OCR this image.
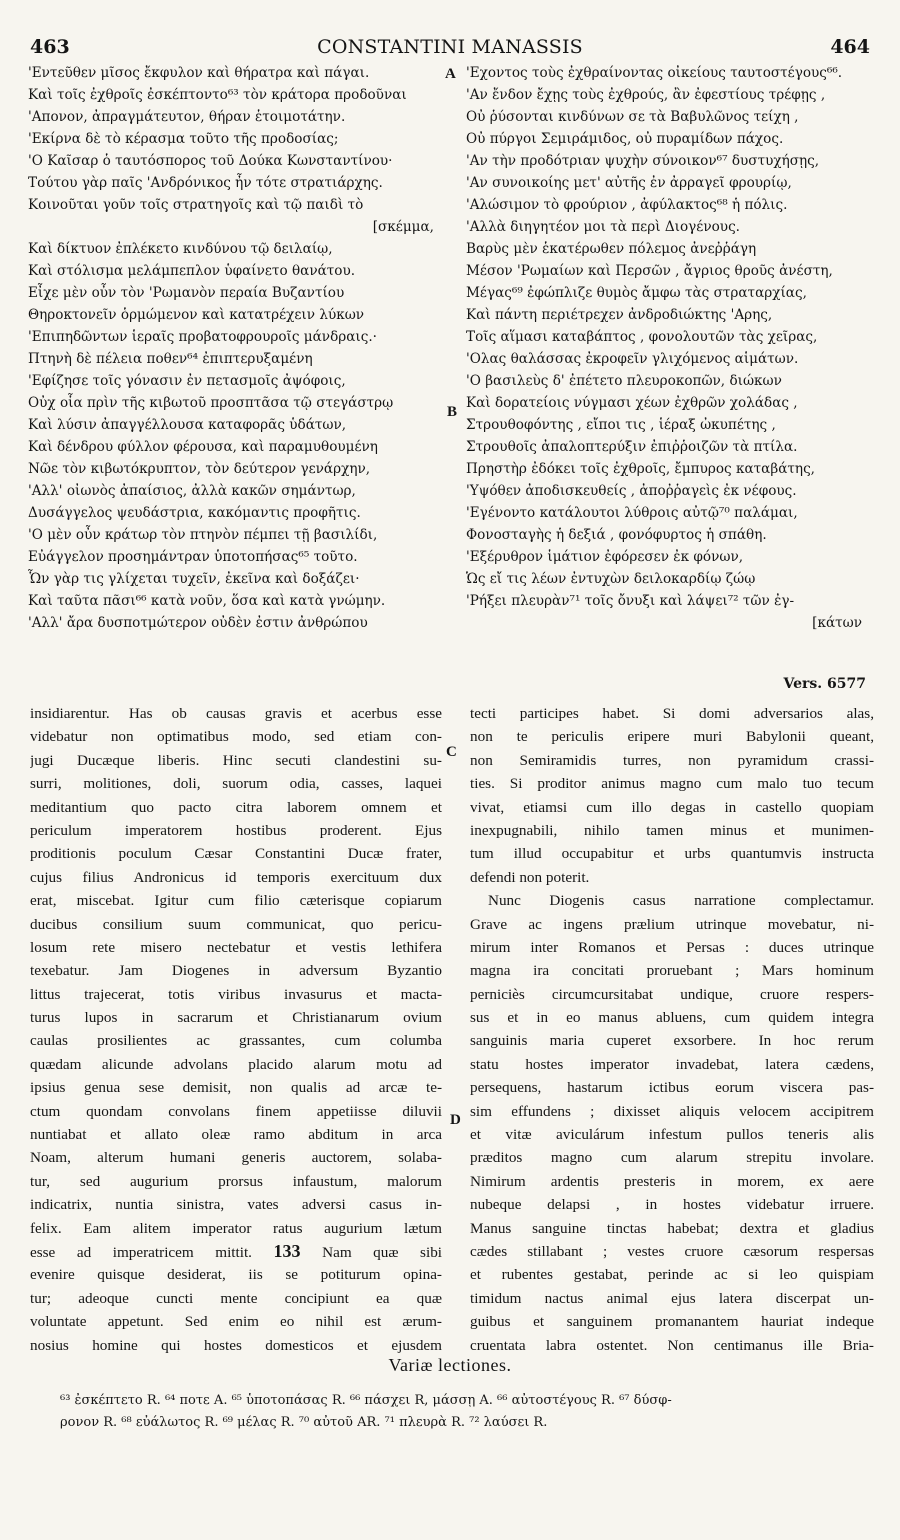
463	CONSTANTINI MANASSIS	464
'Εντεῦθεν μῖσος ἔκφυλον καὶ θήρατρα καὶ πάγαι.
Καὶ τοῖς ἐχθροῖς ἐσκέπτοντο⁶³ τὸν κράτορα προδοῦναι
'Απονον, ἀπραγμάτευτον, θήραν ἑτοιμοτάτην.
'Εκίρνα δὲ τὸ κέρασμα τοῦτο τῆς προδοσίας;
'Ο Καῖσαρ ὁ ταυτόσπορος τοῦ Δούκα Κωνσταντίνου·
Τούτου γὰρ παῖς 'Ανδρόνικος ἦν τότε στρατιάρχης.
Κοινοῦται γοῦν τοῖς στρατηγοῖς καὶ τῷ παιδὶ τὸ
[σκέμμα,
Καὶ δίκτυον ἐπλέκετο κινδύνου τῷ δειλαίῳ,
Καὶ στόλισμα μελάμπεπλον ὑφαίνετο θανάτου.
Εἶχε μὲν οὖν τὸν 'Ρωμανὸν περαία Βυζαντίου
Θηροκτονεῖν ὁρμώμενον καὶ κατατρέχειν λύκων
'Επιπηδῶντων ἱεραῖς προβατοφρουροῖς μάνδραις.·
Πτηνὴ δὲ πέλεια ποθεν⁶⁴ ἐπιπτερυξαμένη
'Εφίζησε τοῖς γόνασιν ἐν πετασμοῖς ἀψόφοις,
Οὐχ οἷα πρὶν τῆς κιβωτοῦ προσπτᾶσα τῷ στεγάστρῳ
Καὶ λύσιν ἀπαγγέλλουσα καταφορᾶς ὑδάτων,
Καὶ δένδρου φύλλον φέρουσα, καὶ παραμυθουμένη
Νῶε τὸν κιβωτόκρυπτον, τὸν δεύτερον γενάρχην,
'Αλλ' οἰωνὸς ἀπαίσιος, ἀλλὰ κακῶν σημάντωρ,
Δυσάγγελος ψευδάστρια, κακόμαντις προφῆτις.
'Ο μὲν οὖν κράτωρ τὸν πτηνὸν πέμπει τῇ βασιλίδι,
Εὐάγγελον προσημάντραν ὑποτοπήσας⁶⁵ τοῦτο.
Ὧν γὰρ τις γλίχεται τυχεῖν, ἐκεῖνα καὶ δοξάζει·
Καὶ ταῦτα πᾶσι⁶⁶ κατὰ νοῦν, ὅσα καὶ κατὰ γνώμην.
'Αλλ' ἄρα δυσποτμώτερον οὐδὲν ἐστιν ἀνθρώπου
'Εχοντος τοὺς ἐχθραίνοντας οἰκείους ταυτοστέγους⁶⁶.
'Αν ἔνδον ἔχῃς τοὺς ἐχθρούς, ἂν ἐφεστίους τρέφῃς ,
Οὐ ῥύσονται κινδύνων σε τὰ Βαβυλῶνος τείχη ,
Οὐ πύργοι Σεμιράμιδος, οὐ πυραμίδων πάχος.
'Αν τὴν προδότριαν ψυχὴν σύνοικον⁶⁷ δυστυχήσῃς,
'Αν συνοικοίης μετ' αὐτῆς ἐν ἀρραγεῖ φρουρίῳ,
'Αλώσιμον τὸ φρούριον , ἀφύλακτος⁶⁸ ἡ πόλις.
'Αλλὰ διηγητέον μοι τὰ περὶ Διογένους.
Βαρὺς μὲν ἑκατέρωθεν πόλεμος ἀνεῤῥάγη
Μέσον 'Ρωμαίων καὶ Περσῶν , ἄγριος θροῦς ἀνέστη,
Μέγας⁶⁹ ἐφώπλιζε θυμὸς ἄμφω τὰς στραταρχίας,
Καὶ πάντη περιέτρεχεν ἀνδροδιώκτης 'Αρης,
Τοῖς αἵμασι καταβάπτος , φονολουτῶν τὰς χεῖρας,
'Ολας θαλάσσας ἐκροφεῖν γλιχόμενος αἱμάτων.
'Ο βασιλεὺς δ' ἐπέτετο πλευροκοπῶν, διώκων
Καὶ δορατείοις νύγμασι χέων ἐχθρῶν χολάδας ,
Στρουθοφόντης , εἴποι τις , ἱέραξ ὠκυπέτης ,
Στρουθοῖς ἀπαλοπτερύξιν ἐπιῤῥοιζῶν τὰ πτίλα.
Πρηστὴρ ἐδόκει τοῖς ἐχθροῖς, ἔμπυρος καταβάτης,
'Υψόθεν ἀποδισκευθείς , ἀποῤῥαγεὶς ἐκ νέφους.
'Εγένοντο κατάλουτοι λύθροις αὐτῷ⁷⁰ παλάμαι,
Φονοσταγὴς ἡ δεξιά , φονόφυρτος ἡ σπάθη.
'Εξέρυθρον ἱμάτιον ἐφόρεσεν ἐκ φόνων,
Ὡς εἴ τις λέων ἐντυχὼν δειλοκαρδίῳ ζώῳ
'Ρήξει πλευρὰν⁷¹ τοῖς ὄνυξι καὶ λάψει⁷² τῶν ἐγ-
[κάτων
A
B
C
D
Vers. 6577
insidiarentur. Has ob causas gravis et acerbus esse
videbatur non optimatibus modo, sed etiam con-
jugi Ducæque liberis. Hinc secuti clandestini su-
surri, molitiones, doli, suorum odia, casses, laquei
meditantium quo pacto citra laborem omnem et
periculum imperatorem hostibus proderent. Ejus
proditionis poculum Cæsar Constantini Ducæ frater,
cujus filius Andronicus id temporis exercituum dux
erat, miscebat. Igitur cum filio cæterisque copiarum
ducibus consilium suum communicat, quo pericu-
losum rete misero nectebatur et vestis lethifera
texebatur. Jam Diogenes in adversum Byzantio
littus trajecerat, totis viribus invasurus et macta-
turus lupos in sacrarum et Christianarum ovium
caulas prosilientes ac grassantes, cum columba
quædam alicunde advolans placido alarum motu ad
ipsius genua sese demisit, non qualis ad arcæ te-
ctum quondam convolans finem appetiisse diluvii
nuntiabat et allato oleæ ramo abditum in arca
Noam, alterum humani generis auctorem, solaba-
tur, sed augurium prorsus infaustum, malorum
indicatrix, nuntia sinistra, vates adversi casus in-
felix. Eam alitem imperator ratus augurium lætum
esse ad imperatricem mittit. 133 Nam quæ sibi
evenire quisque desiderat, iis se potiturum opina-
tur; adeoque cuncti mente concipiunt ea quæ
voluntate appetunt. Sed enim eo nihil est ærum-
nosius homine qui hostes domesticos et ejusdem
tecti participes habet. Si domi adversarios alas,
non te periculis eripere muri Babylonii queant,
non Semiramidis turres, non pyramidum crassi-
ties. Si proditor animus magno cum malo tuo tecum
vivat, etiamsi cum illo degas in castello quopiam
inexpugnabili, nihilo tamen minus et munimen-
tum illud occupabitur et urbs quantumvis instructa
defendi non poterit.
Nunc Diogenis casus narratione complectamur.
Grave ac ingens prælium utrinque movebatur, ni-
mirum inter Romanos et Persas : duces utrinque
magna ira concitati proruebant ; Mars hominum
perniciès circumcursitabat undique, cruore respers-
sus et in eo manus abluens, cum quidem integra
sanguinis maria cuperet exsorbere. In hoc rerum
statu hostes imperator invadebat, latera cædens,
persequens, hastarum ictibus eorum viscera pas-
sim effundens ; dixisset aliquis velocem accipitrem
et vitæ aviculárum infestum pullos teneris alis
præditos magno cum alarum strepitu involare.
Nimirum ardentis presteris in morem, ex aere
nubeque delapsi , in hostes videbatur irruere.
Manus sanguine tinctas habebat; dextra et gladius
cædes stillabant ; vestes cruore cæsorum respersas
et rubentes gestabat, perinde ac si leo quispiam
timidum nactus animal ejus latera discerpat un-
guibus et sanguinem promanantem hauriat indeque
cruentata labra ostentet. Non centimanus ille Bria-
Variæ lectiones.
⁶³ ἐσκέπτετο R. ⁶⁴ ποτε A. ⁶⁵ ὑποτοπάσας R. ⁶⁶ πάσχει R, μάσσῃ A. ⁶⁶ αὐτοστέγους R. ⁶⁷ δύσφ-
ρονον R. ⁶⁸ εὐάλωτος R. ⁶⁹ μέλας R. ⁷⁰ αὐτοῦ AR. ⁷¹ πλευρὰ R. ⁷² λαύσει R.
